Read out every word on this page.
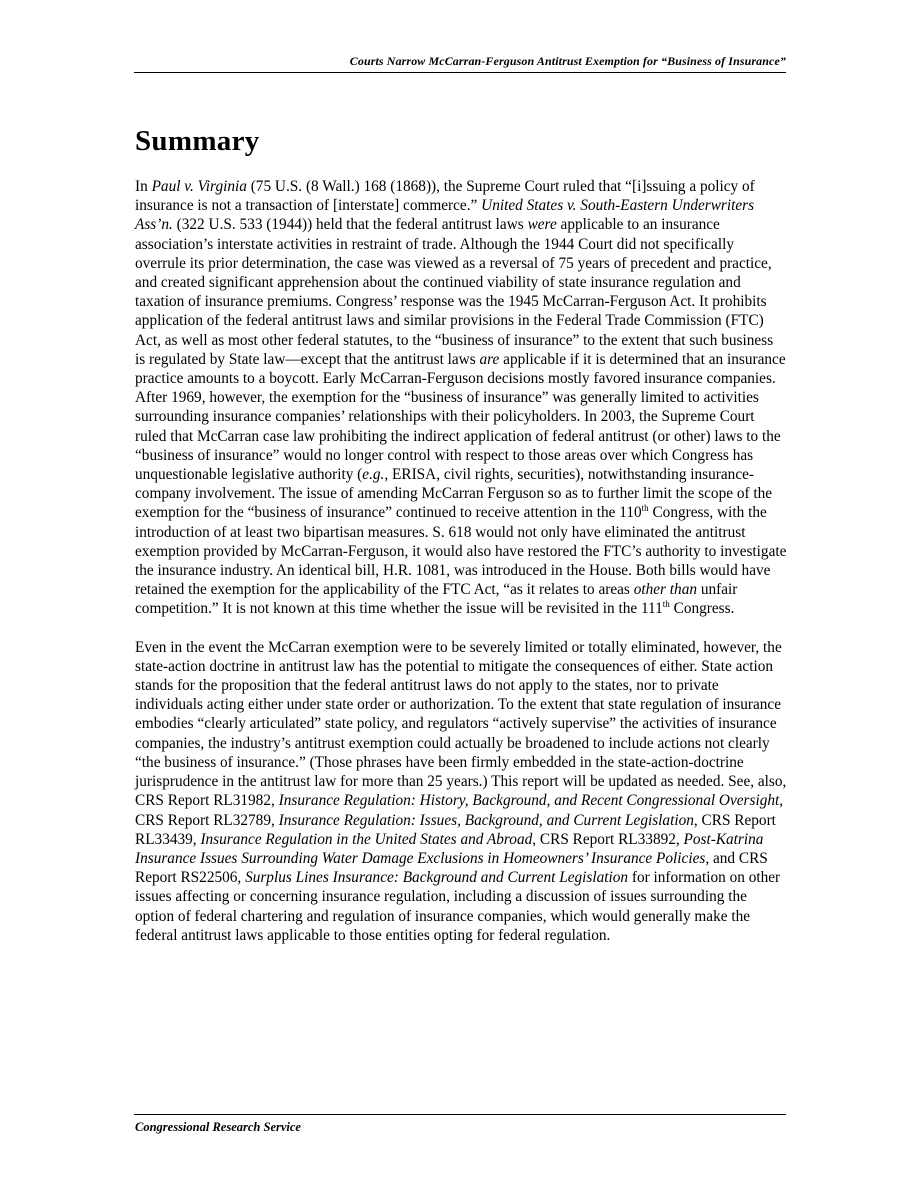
Courts Narrow McCarran-Ferguson Antitrust Exemption for “Business of Insurance”
Summary

In Paul v. Virginia (75 U.S. (8 Wall.) 168 (1868)), the Supreme Court ruled that “[i]ssuing a policy of insurance is not a transaction of [interstate] commerce.” United States v. South-Eastern Underwriters Ass’n. (322 U.S. 533 (1944)) held that the federal antitrust laws were applicable to an insurance association’s interstate activities in restraint of trade. Although the 1944 Court did not specifically overrule its prior determination, the case was viewed as a reversal of 75 years of precedent and practice, and created significant apprehension about the continued viability of state insurance regulation and taxation of insurance premiums. Congress’ response was the 1945 McCarran-Ferguson Act. It prohibits application of the federal antitrust laws and similar provisions in the Federal Trade Commission (FTC) Act, as well as most other federal statutes, to the “business of insurance” to the extent that such business is regulated by State law—except that the antitrust laws are applicable if it is determined that an insurance practice amounts to a boycott. Early McCarran-Ferguson decisions mostly favored insurance companies. After 1969, however, the exemption for the “business of insurance” was generally limited to activities surrounding insurance companies’ relationships with their policyholders. In 2003, the Supreme Court ruled that McCarran case law prohibiting the indirect application of federal antitrust (or other) laws to the “business of insurance” would no longer control with respect to those areas over which Congress has unquestionable legislative authority (e.g., ERISA, civil rights, securities), notwithstanding insurance-company involvement. The issue of amending McCarran Ferguson so as to further limit the scope of the exemption for the “business of insurance” continued to receive attention in the 110th Congress, with the introduction of at least two bipartisan measures. S. 618 would not only have eliminated the antitrust exemption provided by McCarran-Ferguson, it would also have restored the FTC’s authority to investigate the insurance industry. An identical bill, H.R. 1081, was introduced in the House. Both bills would have retained the exemption for the applicability of the FTC Act, “as it relates to areas other than unfair competition.” It is not known at this time whether the issue will be revisited in the 111th Congress.

Even in the event the McCarran exemption were to be severely limited or totally eliminated, however, the state-action doctrine in antitrust law has the potential to mitigate the consequences of either. State action stands for the proposition that the federal antitrust laws do not apply to the states, nor to private individuals acting either under state order or authorization. To the extent that state regulation of insurance embodies “clearly articulated” state policy, and regulators “actively supervise” the activities of insurance companies, the industry’s antitrust exemption could actually be broadened to include actions not clearly “the business of insurance.” (Those phrases have been firmly embedded in the state-action-doctrine jurisprudence in the antitrust law for more than 25 years.) This report will be updated as needed. See, also, CRS Report RL31982, Insurance Regulation: History, Background, and Recent Congressional Oversight, CRS Report RL32789, Insurance Regulation: Issues, Background, and Current Legislation, CRS Report RL33439, Insurance Regulation in the United States and Abroad, CRS Report RL33892, Post-Katrina Insurance Issues Surrounding Water Damage Exclusions in Homeowners’ Insurance Policies, and CRS Report RS22506, Surplus Lines Insurance: Background and Current Legislation for information on other issues affecting or concerning insurance regulation, including a discussion of issues surrounding the option of federal chartering and regulation of insurance companies, which would generally make the federal antitrust laws applicable to those entities opting for federal regulation.

Congressional Research Service
